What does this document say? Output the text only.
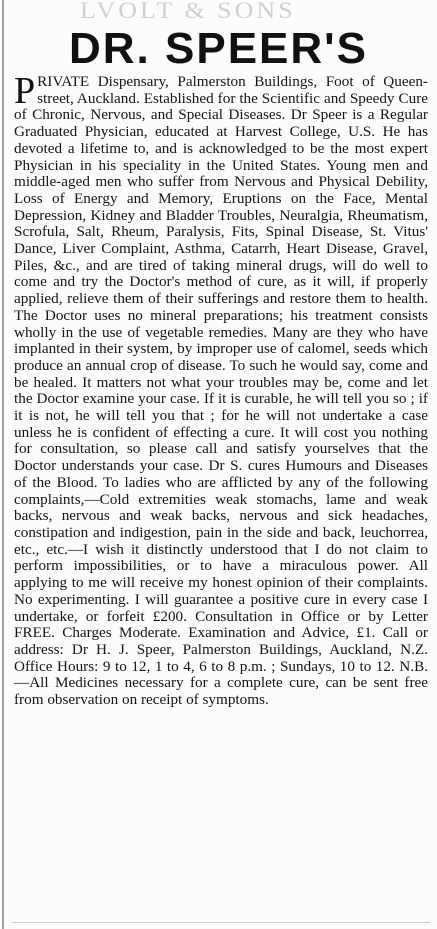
LVOLT & SONS
DR. SPEER'S

PRIVATE Dispensary, Palmerston Buildings, Foot of Queen-street, Auckland. Established for the Scientific and Speedy Cure of Chronic, Nervous, and Special Diseases. Dr Speer is a Regular Graduated Physician, educated at Harvest College, U.S. He has devoted a lifetime to, and is acknowledged to be the most expert Physician in his speciality in the United States. Young men and middle-aged men who suffer from Nervous and Physical Debility, Loss of Energy and Memory, Eruptions on the Face, Mental Depression, Kidney and Bladder Troubles, Neuralgia, Rheumatism, Scrofula, Salt, Rheum, Paralysis, Fits, Spinal Disease, St. Vitus' Dance, Liver Complaint, Asthma, Catarrh, Heart Disease, Gravel, Piles, &c., and are tired of taking mineral drugs, will do well to come and try the Doctor's method of cure, as it will, if properly applied, relieve them of their sufferings and restore them to health. The Doctor uses no mineral preparations; his treatment consists wholly in the use of vegetable remedies. Many are they who have implanted in their system, by improper use of calomel, seeds which produce an annual crop of disease. To such he would say, come and be healed. It matters not what your troubles may be, come and let the Doctor examine your case. If it is curable, he will tell you so ; if it is not, he will tell you that ; for he will not undertake a case unless he is confident of effecting a cure. It will cost you nothing for consultation, so please call and satisfy yourselves that the Doctor understands your case. Dr S. cures Humours and Diseases of the Blood. To ladies who are afflicted by any of the following complaints,—Cold extremities weak stomachs, lame and weak backs, nervous and weak backs, nervous and sick headaches, constipation and indigestion, pain in the side and back, leuchorrea, etc., etc.—I wish it distinctly understood that I do not claim to perform impossibilities, or to have a miraculous power. All applying to me will receive my honest opinion of their complaints. No experimenting. I will guarantee a positive cure in every case I undertake, or forfeit £200. Consultation in Office or by Letter FREE. Charges Moderate. Examination and Advice, £1. Call or address: Dr H. J. Speer, Palmerston Buildings, Auckland, N.Z. Office Hours: 9 to 12, 1 to 4, 6 to 8 p.m. ; Sundays, 10 to 12. N.B.—All Medicines necessary for a complete cure, can be sent free from observation on receipt of symptoms.
